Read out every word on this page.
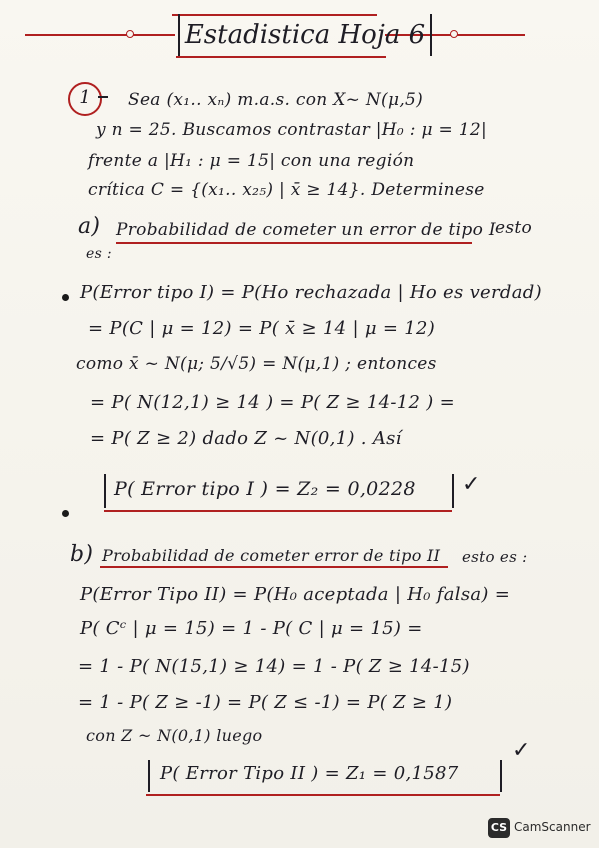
Estadistica Hoja 6
1	Sea (x₁.. xₙ) m.a.s. con X~ N(μ,5)
y n = 25. Buscamos contrastar |H₀ : μ = 12|
frente a |H₁ : μ = 15| con una región
crítica C = {(x₁.. x₂₅) | x̄ ≥ 14}. Determinese
a) Probabilidad de cometer un error de tipo I esto
es :
P(Error tipo I) = P(Ho rechazada | Ho es verdad)
= P(C | μ = 12) = P( x̄ ≥ 14 | μ = 12)
como x̄ ~ N(μ; 5/√5) = N(μ,1) ; entonces
= P( N(12,1) ≥ 14 ) = P( Z ≥ 14-12 ) =
= P( Z ≥ 2) dado Z ~ N(0,1) . Así
P( Error tipo I ) = Z₂ = 0,0228 ✓
b) Probabilidad de cometer error de tipo II esto es :
P(Error Tipo II) = P(H₀ aceptada | H₀ falsa) =
P( Cᶜ | μ = 15) = 1 - P( C | μ = 15) =
= 1 - P( N(15,1) ≥ 14) = 1 - P( Z ≥ 14-15)
= 1 - P( Z ≥ -1) = P( Z ≤ -1) = P( Z ≥ 1)
con Z ~ N(0,1) luego
✓
P( Error Tipo II ) = Z₁ = 0,1587
CS CamScanner
